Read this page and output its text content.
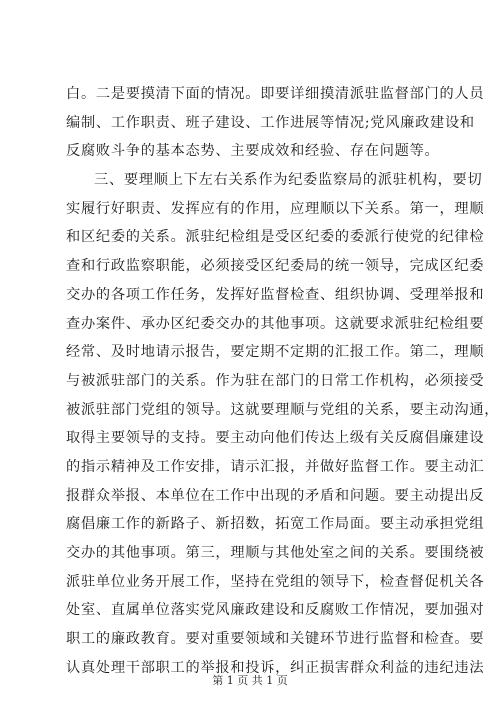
白。二是要摸清下面的情况。即要详细摸清派驻监督部门的人员
编制、工作职责、班子建设、工作进展等情况;党风廉政建设和
反腐败斗争的基本态势、主要成效和经验、存在问题等。
三、要理顺上下左右关系作为纪委监察局的派驻机构，要切
实履行好职责、发挥应有的作用，应理顺以下关系。第一，理顺
和区纪委的关系。派驻纪检组是受区纪委的委派行使党的纪律检
查和行政监察职能，必须接受区纪委局的统一领导，完成区纪委
交办的各项工作任务，发挥好监督检查、组织协调、受理举报和
查办案件、承办区纪委交办的其他事项。这就要求派驻纪检组要
经常、及时地请示报告，要定期不定期的汇报工作。第二，理顺
与被派驻部门的关系。作为驻在部门的日常工作机构，必须接受
被派驻部门党组的领导。这就要理顺与党组的关系，要主动沟通，
取得主要领导的支持。要主动向他们传达上级有关反腐倡廉建设
的指示精神及工作安排，请示汇报，并做好监督工作。要主动汇
报群众举报、本单位在工作中出现的矛盾和问题。要主动提出反
腐倡廉工作的新路子、新招数，拓宽工作局面。要主动承担党组
交办的其他事项。第三，理顺与其他处室之间的关系。要围绕被
派驻单位业务开展工作，坚持在党组的领导下，检查督促机关各
处室、直属单位落实党风廉政建设和反腐败工作情况，要加强对
职工的廉政教育。要对重要领域和关键环节进行监督和检查。要
认真处理干部职工的举报和投诉，纠正损害群众利益的违纪违法
第 1 页 共 1 页
